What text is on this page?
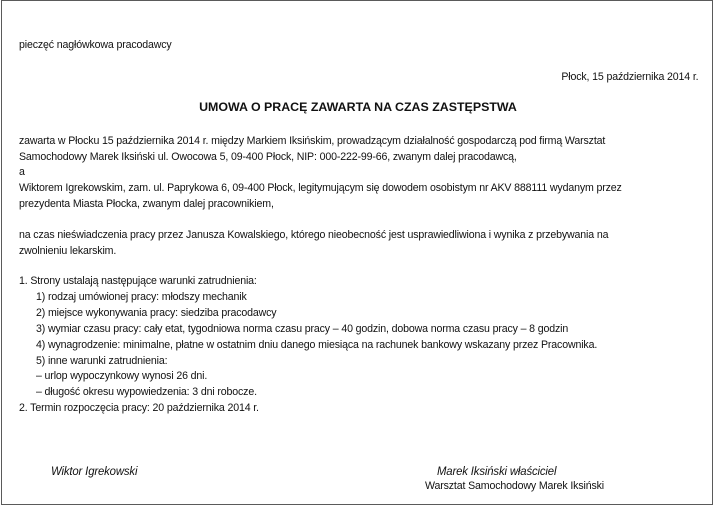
pieczęć nagłówkowa pracodawcy
Płock, 15 października 2014 r.
UMOWA O PRACĘ ZAWARTA NA CZAS ZASTĘPSTWA
zawarta w Płocku 15 października 2014 r. między Markiem Iksińskim, prowadzącym działalność gospodarczą pod firmą Warsztat
Samochodowy Marek Iksiński ul. Owocowa 5, 09-400 Płock, NIP: 000-222-99-66, zwanym dalej pracodawcą,
a
Wiktorem Igrekowskim, zam. ul. Paprykowa 6, 09-400 Płock, legitymującym się dowodem osobistym nr AKV 888111 wydanym przez
prezydenta Miasta Płocka, zwanym dalej pracownikiem,
na czas nieświadczenia pracy przez Janusza Kowalskiego, którego nieobecność jest usprawiedliwiona i wynika z przebywania na
zwolnieniu lekarskim.
1. Strony ustalają następujące warunki zatrudnienia:
1) rodzaj umówionej pracy: młodszy mechanik
2) miejsce wykonywania pracy: siedziba pracodawcy
3) wymiar czasu pracy: cały etat, tygodniowa norma czasu pracy – 40 godzin, dobowa norma czasu pracy – 8 godzin
4) wynagrodzenie: minimalne, płatne w ostatnim dniu danego miesiąca na rachunek bankowy wskazany przez Pracownika.
5) inne warunki zatrudnienia:
– urlop wypoczynkowy wynosi 26 dni.
– długość okresu wypowiedzenia: 3 dni robocze.
2. Termin rozpoczęcia pracy: 20 października 2014 r.
Wiktor Igrekowski	Marek Iksiński właściciel
Warsztat Samochodowy Marek Iksiński
